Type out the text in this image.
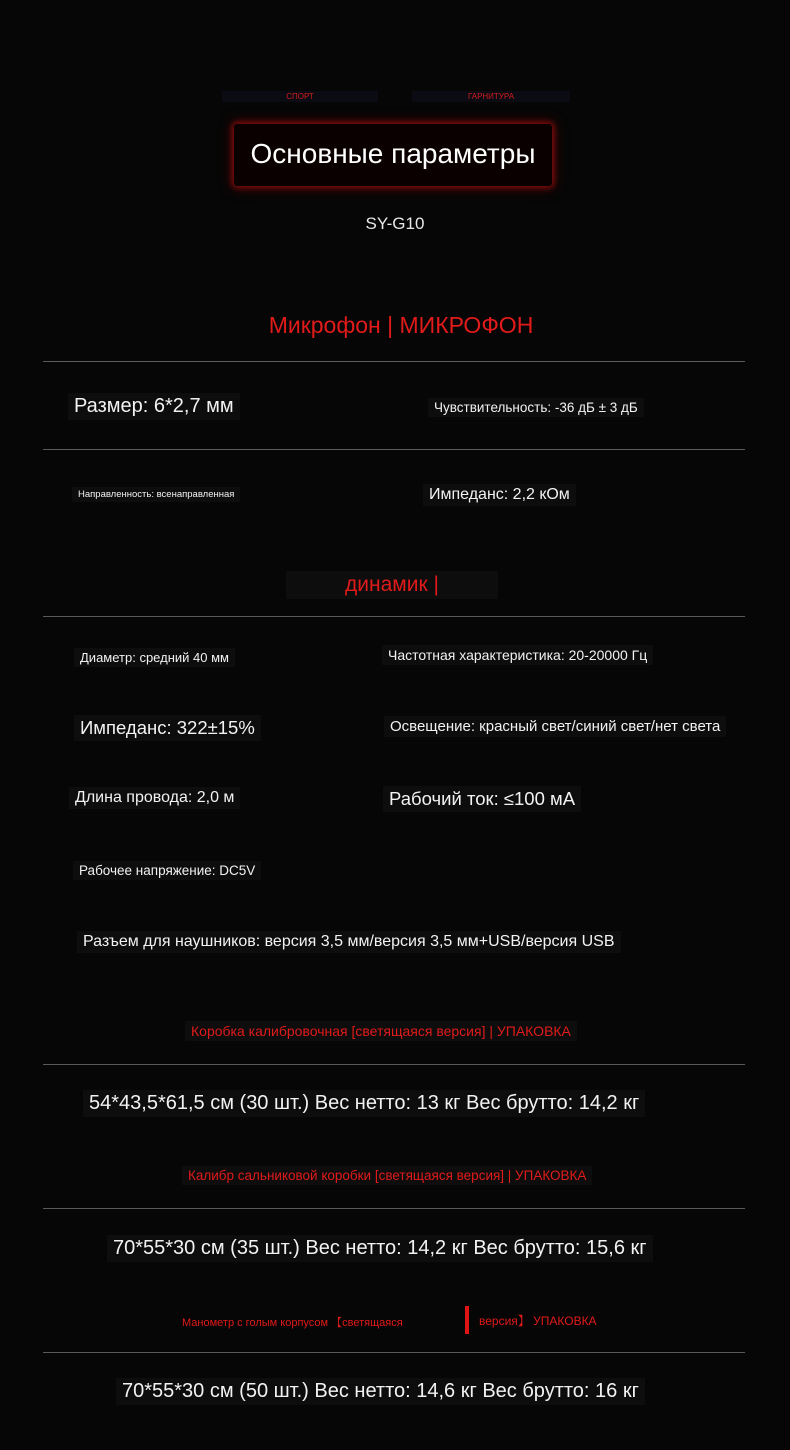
СПОРТ	ГАРНИТУРА
Основные параметры
SY-G10
Микрофон | МИКРОФОН
Размер: 6*2,7 мм	Чувствительность: -36 дБ ± 3 дБ
Направленность: всенаправленная	Импеданс: 2,2 кОм
динамик |
Диаметр: средний 40 мм	Частотная характеристика: 20-20000 Гц
Импеданс: 322±15%	Освещение: красный свет/синий свет/нет света
Длина провода: 2,0 м	Рабочий ток: ≤100 мА
Рабочее напряжение: DC5V
Разъем для наушников: версия 3,5 мм/версия 3,5 мм+USB/версия USB
Коробка калибровочная [светящаяся версия] | УПАКОВКА
54*43,5*61,5 см (30 шт.) Вес нетто: 13 кг Вес брутто: 14,2 кг
Калибр сальниковой коробки [светящаяся версия] | УПАКОВКА
70*55*30 см (35 шт.) Вес нетто: 14,2 кг Вес брутто: 15,6 кг
Манометр с голым корпусом 【светящаяся	версия】 УПАКОВКА
70*55*30 см (50 шт.) Вес нетто: 14,6 кг Вес брутто: 16 кг
